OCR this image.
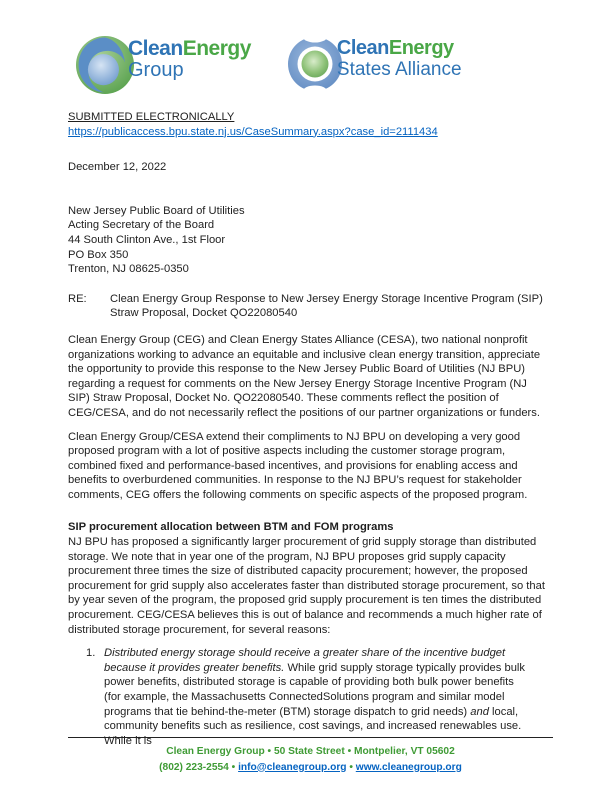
CleanEnergy
Group
CleanEnergy
States Alliance
SUBMITTED ELECTRONICALLY
https://publicaccess.bpu.state.nj.us/CaseSummary.aspx?case_id=2111434
December 12, 2022
New Jersey Public Board of Utilities
Acting Secretary of the Board
44 South Clinton Ave., 1st Floor
PO Box 350
Trenton, NJ 08625-0350
RE:	Clean Energy Group Response to New Jersey Energy Storage Incentive Program (SIP) Straw Proposal, Docket QO22080540

Clean Energy Group (CEG) and Clean Energy States Alliance (CESA), two national nonprofit organizations working to advance an equitable and inclusive clean energy transition, appreciate the opportunity to provide this response to the New Jersey Public Board of Utilities (NJ BPU) regarding a request for comments on the New Jersey Energy Storage Incentive Program (NJ SIP) Straw Proposal, Docket No. QO22080540. These comments reflect the position of CEG/CESA, and do not necessarily reflect the positions of our partner organizations or funders.

Clean Energy Group/CESA extend their compliments to NJ BPU on developing a very good proposed program with a lot of positive aspects including the customer storage program, combined fixed and performance-based incentives, and provisions for enabling access and benefits to overburdened communities. In response to the NJ BPU’s request for stakeholder comments, CEG offers the following comments on specific aspects of the proposed program.

SIP procurement allocation between BTM and FOM programs

NJ BPU has proposed a significantly larger procurement of grid supply storage than distributed storage. We note that in year one of the program, NJ BPU proposes grid supply capacity procurement three times the size of distributed capacity procurement; however, the proposed procurement for grid supply also accelerates faster than distributed storage procurement, so that by year seven of the program, the proposed grid supply procurement is ten times the distributed procurement. CEG/CESA believes this is out of balance and recommends a much higher rate of distributed storage procurement, for several reasons:

1. Distributed energy storage should receive a greater share of the incentive budget because it provides greater benefits. While grid supply storage typically provides bulk power benefits, distributed storage is capable of providing both bulk power benefits (for example, the Massachusetts ConnectedSolutions program and similar model programs that tie behind-the-meter (BTM) storage dispatch to grid needs) and local, community benefits such as resilience, cost savings, and increased renewables use. While it is
Clean Energy Group • 50 State Street • Montpelier, VT 05602
(802) 223-2554 • info@cleanegroup.org • www.cleanegroup.org
